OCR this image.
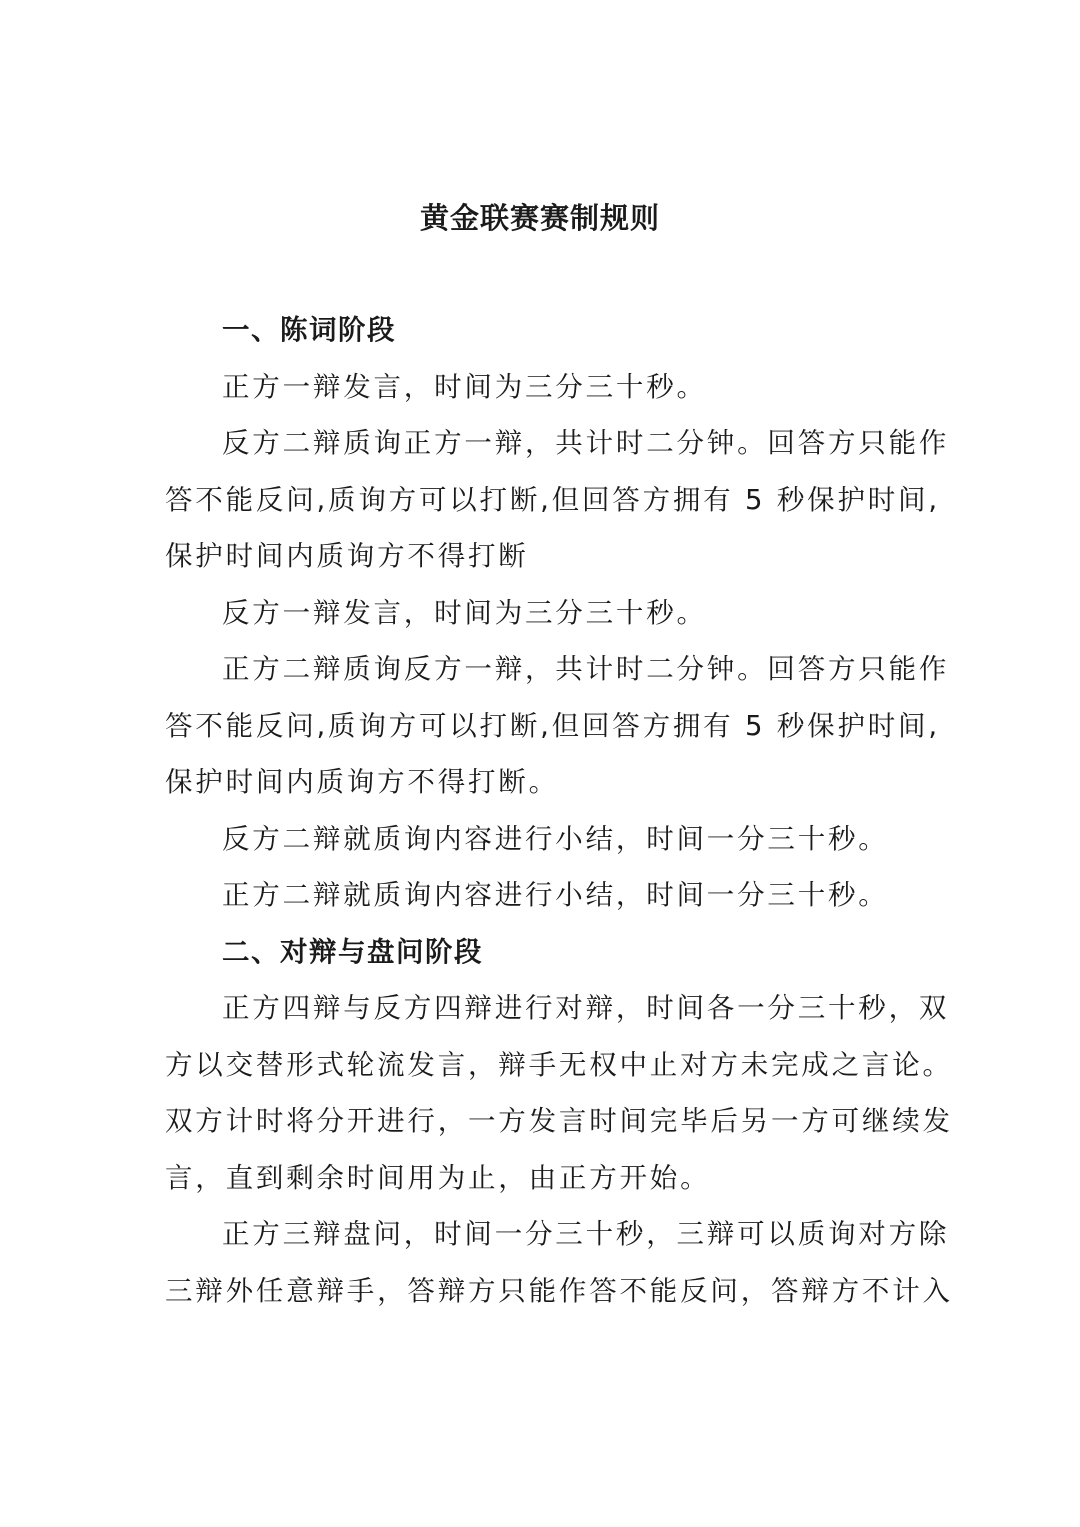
黄金联赛赛制规则
一、陈词阶段
正方一辩发言，时间为三分三十秒。
反方二辩质询正方一辩，共计时二分钟。回答方只能作
答不能反问,质询方可以打断,但回答方拥有 5 秒保护时间,
保护时间内质询方不得打断
反方一辩发言，时间为三分三十秒。
正方二辩质询反方一辩，共计时二分钟。回答方只能作
答不能反问,质询方可以打断,但回答方拥有 5 秒保护时间,
保护时间内质询方不得打断。
反方二辩就质询内容进行小结，时间一分三十秒。
正方二辩就质询内容进行小结，时间一分三十秒。
二、对辩与盘问阶段
正方四辩与反方四辩进行对辩，时间各一分三十秒，双
方以交替形式轮流发言，辩手无权中止对方未完成之言论。
双方计时将分开进行，一方发言时间完毕后另一方可继续发
言，直到剩余时间用为止，由正方开始。
正方三辩盘问，时间一分三十秒，三辩可以质询对方除
三辩外任意辩手，答辩方只能作答不能反问，答辩方不计入
